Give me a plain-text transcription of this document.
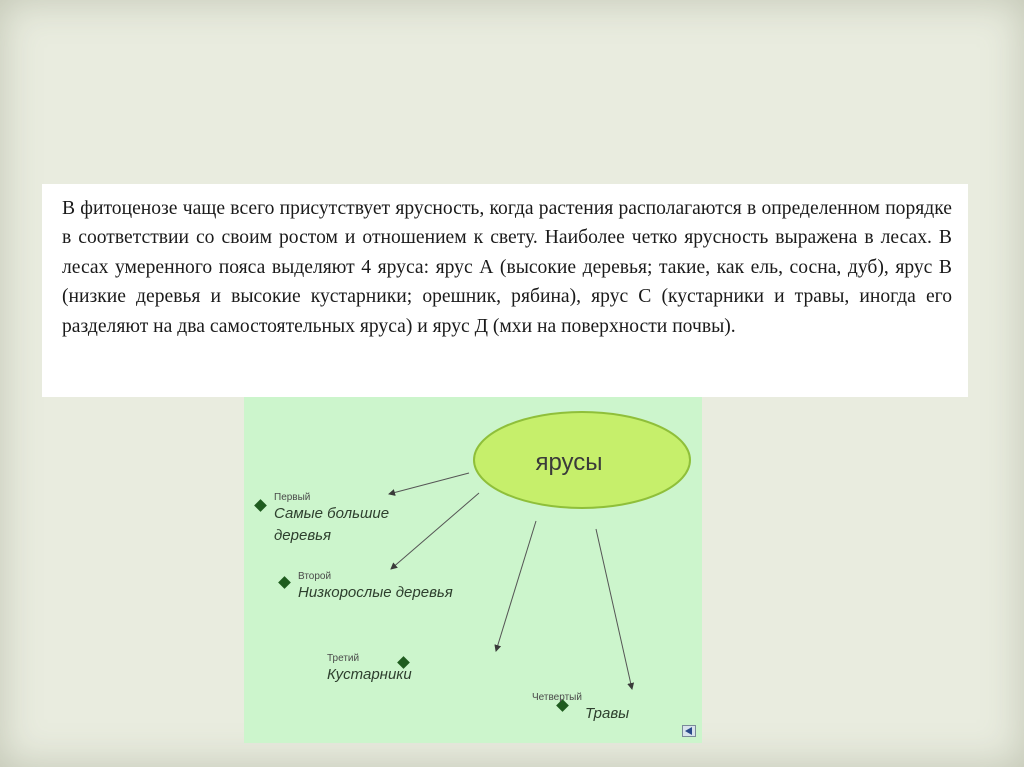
В фитоценозе чаще всего присутствует ярусность, когда растения располагаются в определенном порядке в соответствии со своим ростом и отношением к свету. Наиболее четко ярусность выражена в лесах. В лесах умеренного пояса выделяют 4 яруса: ярус А (высокие деревья; такие, как ель, сосна, дуб), ярус В (низкие деревья и высокие кустарники; орешник, рябина), ярус С (кустарники и травы, иногда его разделяют на два самостоятельных яруса) и ярус Д (мхи на поверхности почвы).

ярусы
Первый
Самые большие
деревья
Второй
Низкорослые деревья
Третий
Кустарники
Четвертый
Травы
